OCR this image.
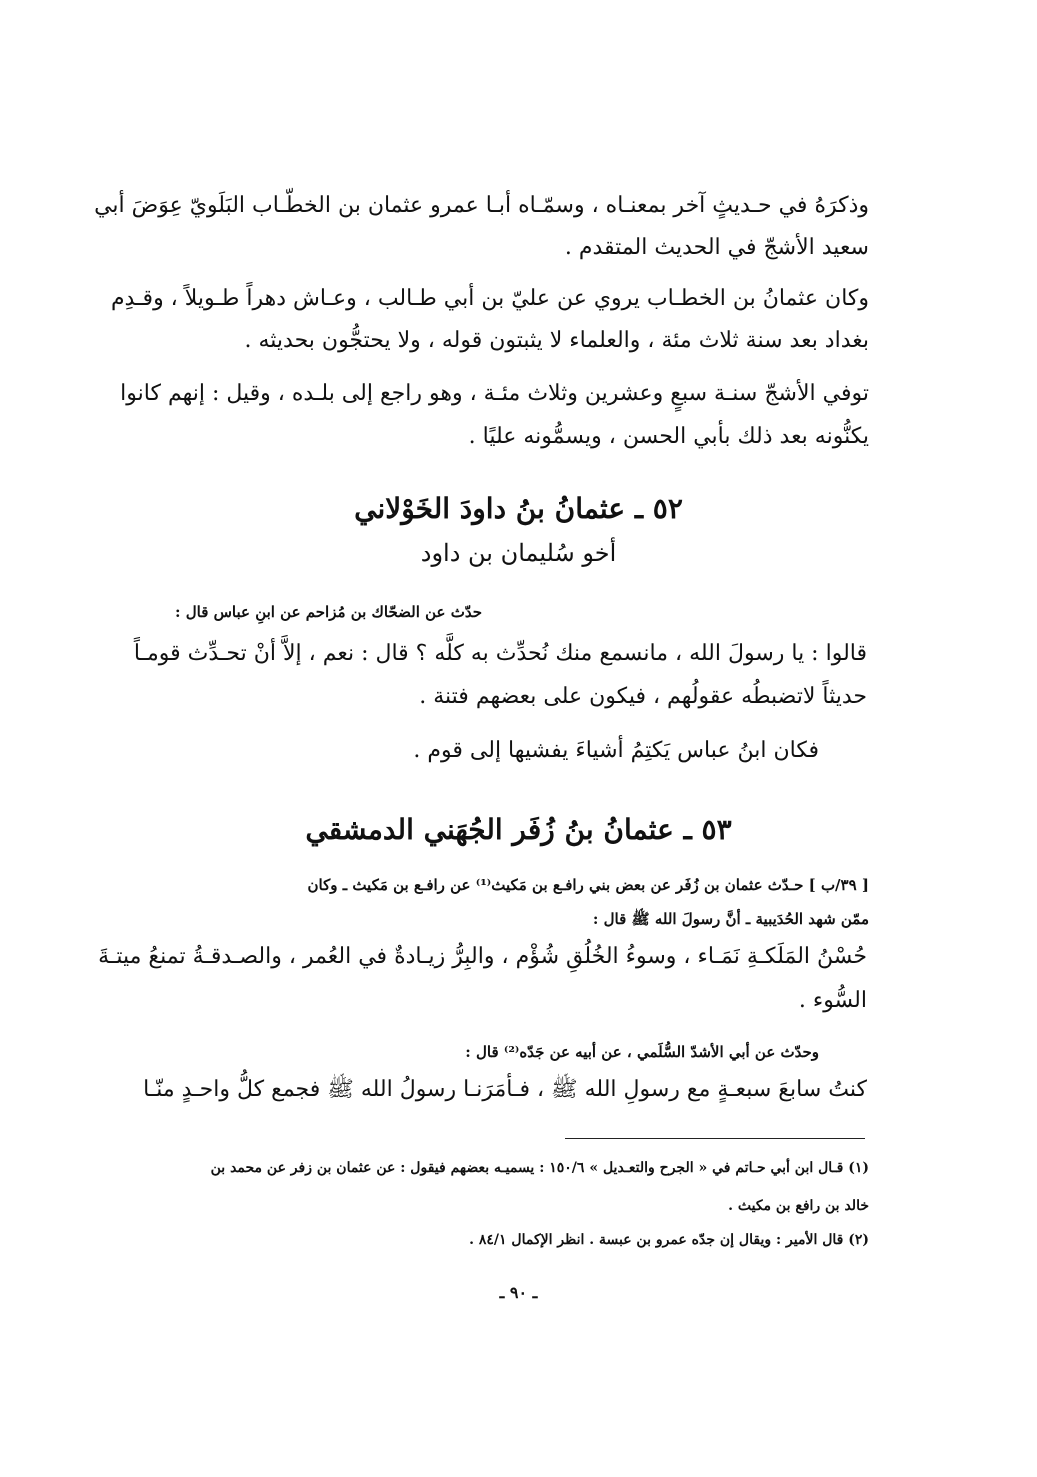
وذكرَهُ في حـديثٍ آخر بمعنـاه ، وسمّـاه أبـا عمرو عثمان بن الخطّـاب البَلَويّ عِوَضَ أبي
سعيد الأشجّ في الحديث المتقدم .
وكان عثمانُ بن الخطـاب يروي عن عليّ بن أبي طـالب ، وعـاش دهراً طـويلاً ، وقـدِم
بغداد بعد سنة ثلاث مئة ، والعلماء لا يثبتون قوله ، ولا يحتجُّون بحديثه .
توفي الأشجّ سنـة سبعٍ وعشرين وثلاث مئـة ، وهو راجع إلى بلـده ، وقيل : إنهم كانوا
يكنُّونه بعد ذلك بأبي الحسن ، ويسمُّونه عليًا .
٥٢ ـ عثمانُ بنُ داودَ الخَوْلاني
أخو سُليمان بن داود
حدّث عن الضحّاك بن مُزاحم عن ابنِ عباس قال :
قالوا : يا رسولَ الله ، مانسمع منك نُحدِّث به كلَّه ؟ قال : نعم ، إلاَّ أنْ تحـدِّث قومـاً
حديثاً لاتضبطُه عقولُهم ، فيكون على بعضهم فتنة .
فكان ابنُ عباس يَكتِمُ أشياءَ يفشيها إلى قوم .
٥٣ ـ عثمانُ بنُ زُفَر الجُهَني الدمشقي
[ ٣٩/ب ] حـدّث عثمان بن زُفَر عن بعض بني رافـع بن مَكيث⁽¹⁾ عن رافـع بن مَكيث ـ وكان
ممّن شهد الحُدَيبية ـ أنَّ رسولَ الله ﷺ قال :
حُسْنُ المَلَكـةِ نَمَـاء ، وسوءُ الخُلُقِ شُؤْم ، والبِرُّ زيـادةٌ في العُمر ، والصـدقـةُ تمنعُ ميتـةَ
السُّوء .
وحدّث عن أبي الأشدّ السُّلَمي ، عن أبيه عن جَدّه⁽²⁾ قال :
كنتُ سابعَ سبعـةٍ مع رسولِ الله ﷺ ، فـأمَرَنـا رسولُ الله ﷺ فجمع كلُّ واحـدٍ منّـا
(١) قـال ابن أبي حـاتم في « الجرح والتعـديل » ١٥٠/٦ : يسميـه بعضهم فيقول : عن عثمان بن زفر عن محمد بن
خالد بن رافع بن مكيث .
(٢) قال الأمير : ويقال إن جدّه عمرو بن عبسة . انظر الإكمال ٨٤/١ .
ـ ٩٠ ـ
